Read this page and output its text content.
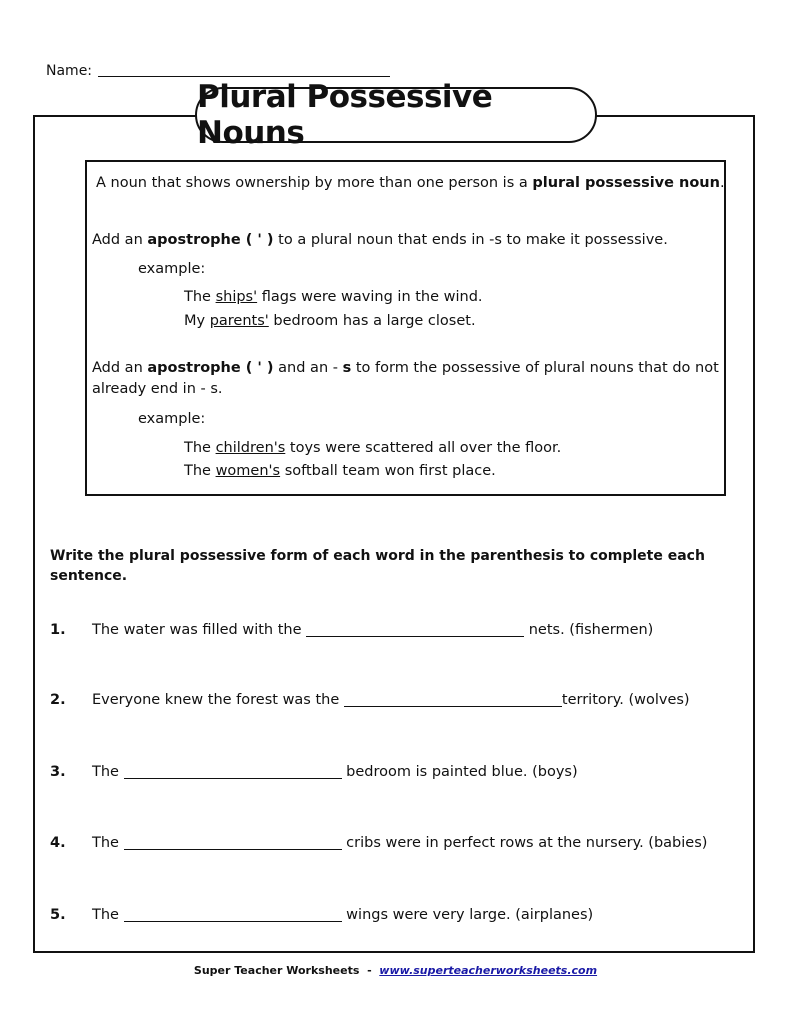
Name:
Plural Possessive Nouns
A noun that shows ownership by more than one person is a plural possessive noun.
Add an apostrophe ( ' ) to a plural noun that ends in -s to make it possessive.
example:
The ships' flags were waving in the wind.
My parents' bedroom has a large closet.
Add an apostrophe ( ' ) and an - s to form the possessive of plural nouns that do not
already end in - s.
example:
The children's toys were scattered all over the floor.
The women's softball team won first place.
Write the plural possessive form of each word in the parenthesis to complete each sentence.
1. The water was filled with the	nets. (fishermen)
2. Everyone knew the forest was the	territory. (wolves)
3. The	bedroom is painted blue. (boys)
4. The	cribs were in perfect rows at the nursery. (babies)
5. The	wings were very large. (airplanes)
Super Teacher Worksheets  -  www.superteacherworksheets.com
